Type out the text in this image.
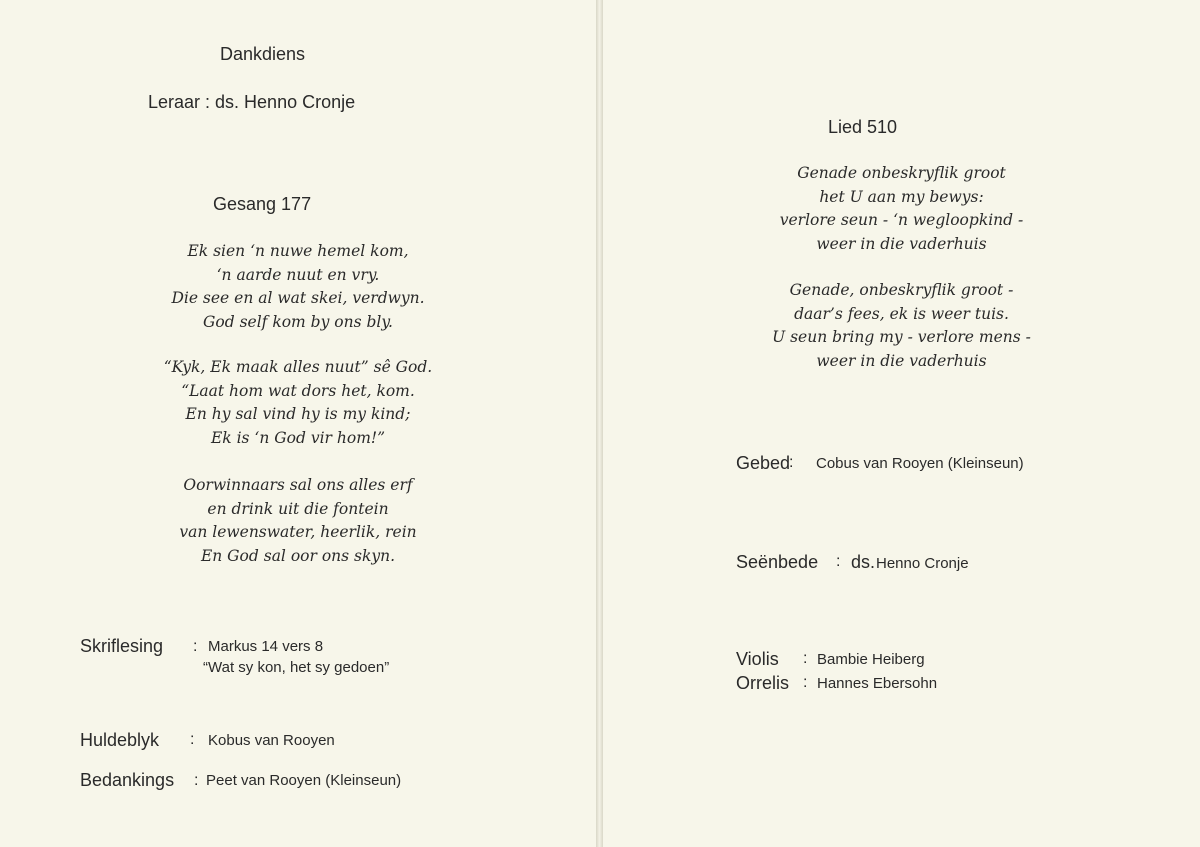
Dankdiens
Leraar : ds. Henno Cronje
Gesang 177
Ek sien ‘n nuwe hemel kom,
‘n aarde nuut en vry.
Die see en al wat skei, verdwyn.
God self kom by ons bly.
“Kyk, Ek maak alles nuut” sê God.
“Laat hom wat dors het, kom.
En hy sal vind hy is my kind;
Ek is ‘n God vir hom!”
Oorwinnaars sal ons alles erf
en drink uit die fontein
van lewenswater, heerlik, rein
En God sal oor ons skyn.
Skriflesing : Markus 14 vers 8
“Wat sy kon, het sy gedoen”
Huldeblyk : Kobus van Rooyen
Bedankings : Peet van Rooyen (Kleinseun)
Lied 510
Genade onbeskryflik groot
het U aan my bewys:
verlore seun - ‘n wegloopkind -
weer in die vaderhuis
Genade, onbeskryflik groot -
daar’s fees, ek is weer tuis.
U seun bring my - verlore mens -
weer in die vaderhuis
Gebed
: Cobus van Rooyen (Kleinseun)
Seënbede : ds. Henno Cronje
Violis : Bambie Heiberg
Orrelis : Hannes Ebersohn
